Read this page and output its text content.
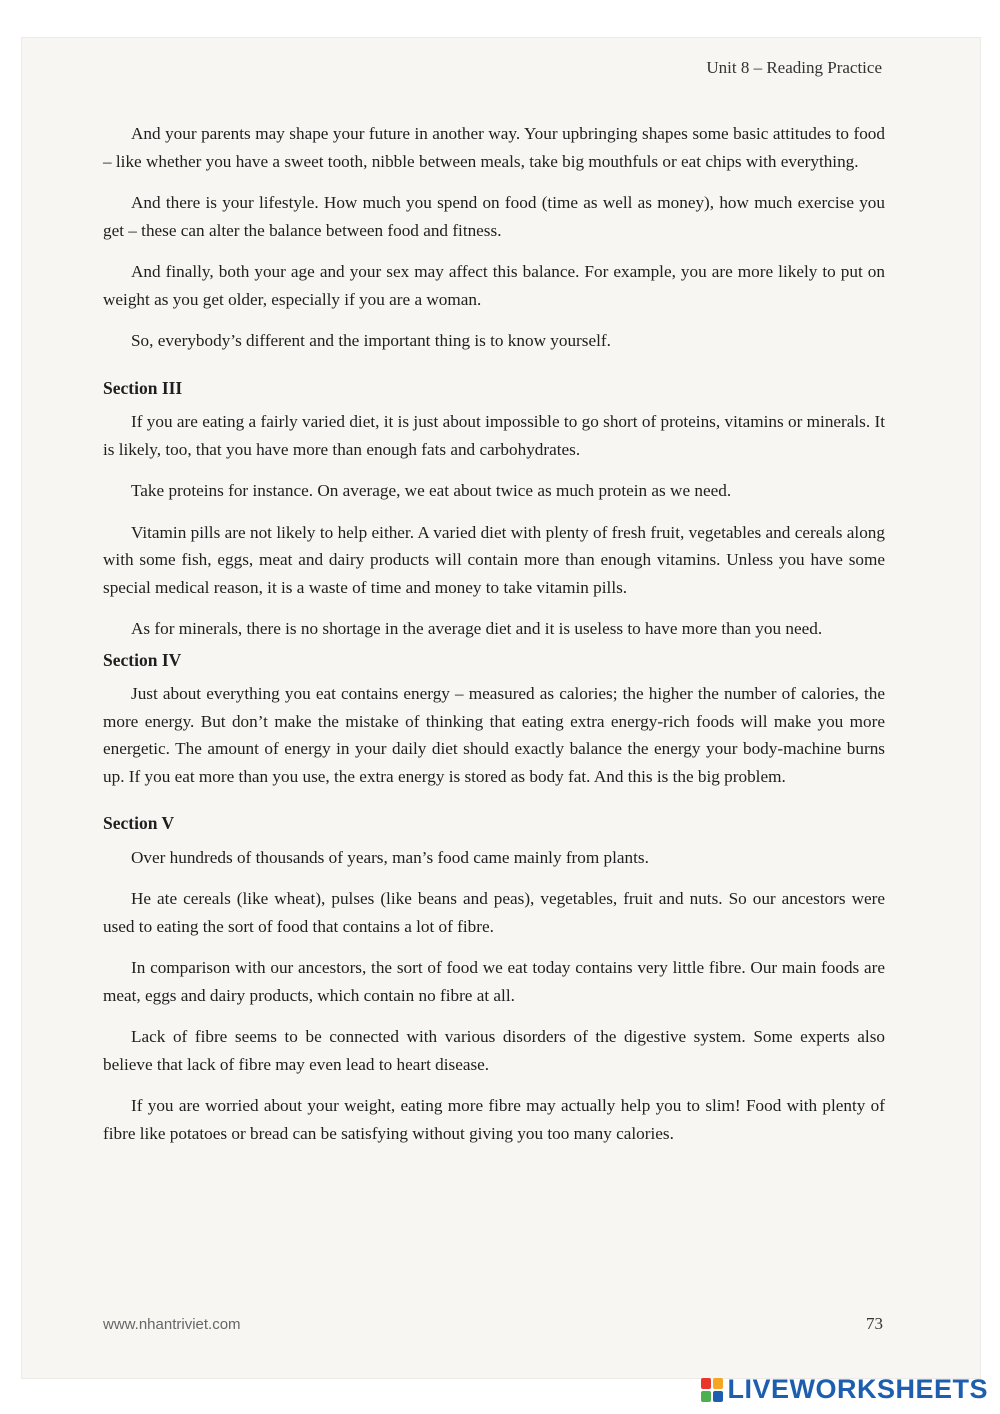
Unit 8 – Reading Practice

And your parents may shape your future in another way. Your upbringing shapes some basic attitudes to food – like whether you have a sweet tooth, nibble between meals, take big mouthfuls or eat chips with everything.

And there is your lifestyle. How much you spend on food (time as well as money), how much exercise you get – these can alter the balance between food and fitness.

And finally, both your age and your sex may affect this balance. For example, you are more likely to put on weight as you get older, especially if you are a woman.

So, everybody’s different and the important thing is to know yourself.

Section III

If you are eating a fairly varied diet, it is just about impossible to go short of proteins, vitamins or minerals. It is likely, too, that you have more than enough fats and carbohydrates.

Take proteins for instance. On average, we eat about twice as much protein as we need.

Vitamin pills are not likely to help either. A varied diet with plenty of fresh fruit, vegetables and cereals along with some fish, eggs, meat and dairy products will contain more than enough vitamins. Unless you have some special medical reason, it is a waste of time and money to take vitamin pills.

As for minerals, there is no shortage in the average diet and it is useless to have more than you need.

Section IV

Just about everything you eat contains energy – measured as calories; the higher the number of calories, the more energy. But don’t make the mistake of thinking that eating extra energy-rich foods will make you more energetic. The amount of energy in your daily diet should exactly balance the energy your body-machine burns up. If you eat more than you use, the extra energy is stored as body fat. And this is the big problem.

Section V

Over hundreds of thousands of years, man’s food came mainly from plants.

He ate cereals (like wheat), pulses (like beans and peas), vegetables, fruit and nuts. So our ancestors were used to eating the sort of food that contains a lot of fibre.

In comparison with our ancestors, the sort of food we eat today contains very little fibre. Our main foods are meat, eggs and dairy products, which contain no fibre at all.

Lack of fibre seems to be connected with various disorders of the digestive system. Some experts also believe that lack of fibre may even lead to heart disease.

If you are worried about your weight, eating more fibre may actually help you to slim! Food with plenty of fibre like potatoes or bread can be satisfying without giving you too many calories.

www.nhantriviet.com	73
LIVEWORKSHEETS
